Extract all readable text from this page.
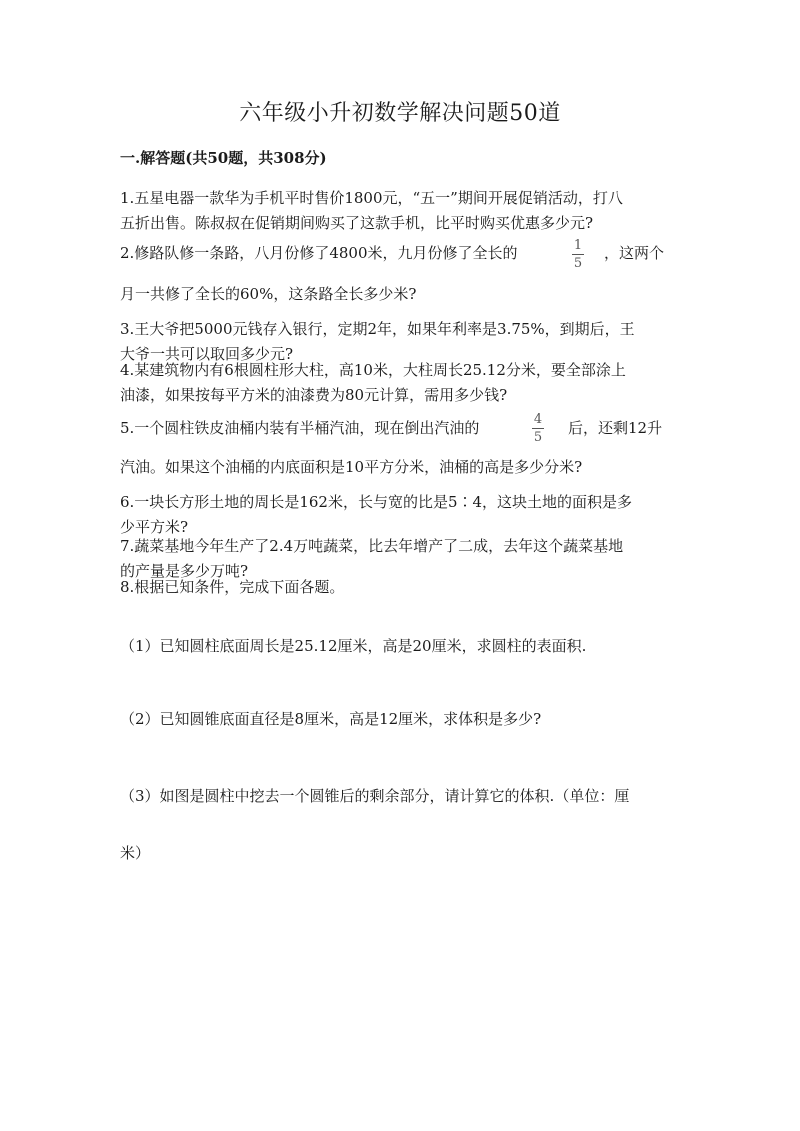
六年级小升初数学解决问题50道
一.解答题(共50题，共308分)
1.五星电器一款华为手机平时售价1800元，“五一”期间开展促销活动，打八
五折出售。陈叔叔在促销期间购买了这款手机，比平时购买优惠多少元?
2.修路队修一条路，八月份修了4800米，九月份修了全长的	1
5
，这两个
月一共修了全长的60%，这条路全长多少米?
3.王大爷把5000元钱存入银行，定期2年，如果年利率是3.75%，到期后，王
大爷一共可以取回多少元?
4.某建筑物内有6根圆柱形大柱，高10米，大柱周长25.12分米，要全部涂上
油漆，如果按每平方米的油漆费为80元计算，需用多少钱?
5.一个圆柱铁皮油桶内装有半桶汽油，现在倒出汽油的	4
5
后，还剩12升
汽油。如果这个油桶的内底面积是10平方分米，油桶的高是多少分米?
6.一块长方形土地的周长是162米，长与宽的比是5∶4，这块土地的面积是多
少平方米?
7.蔬菜基地今年生产了2.4万吨蔬菜，比去年增产了二成，去年这个蔬菜基地
的产量是多少万吨?
8.根据已知条件，完成下面各题。
（1）已知圆柱底面周长是25.12厘米，高是20厘米，求圆柱的表面积.
（2）已知圆锥底面直径是8厘米，高是12厘米，求体积是多少?
（3）如图是圆柱中挖去一个圆锥后的剩余部分，请计算它的体积.（单位：厘
米）
